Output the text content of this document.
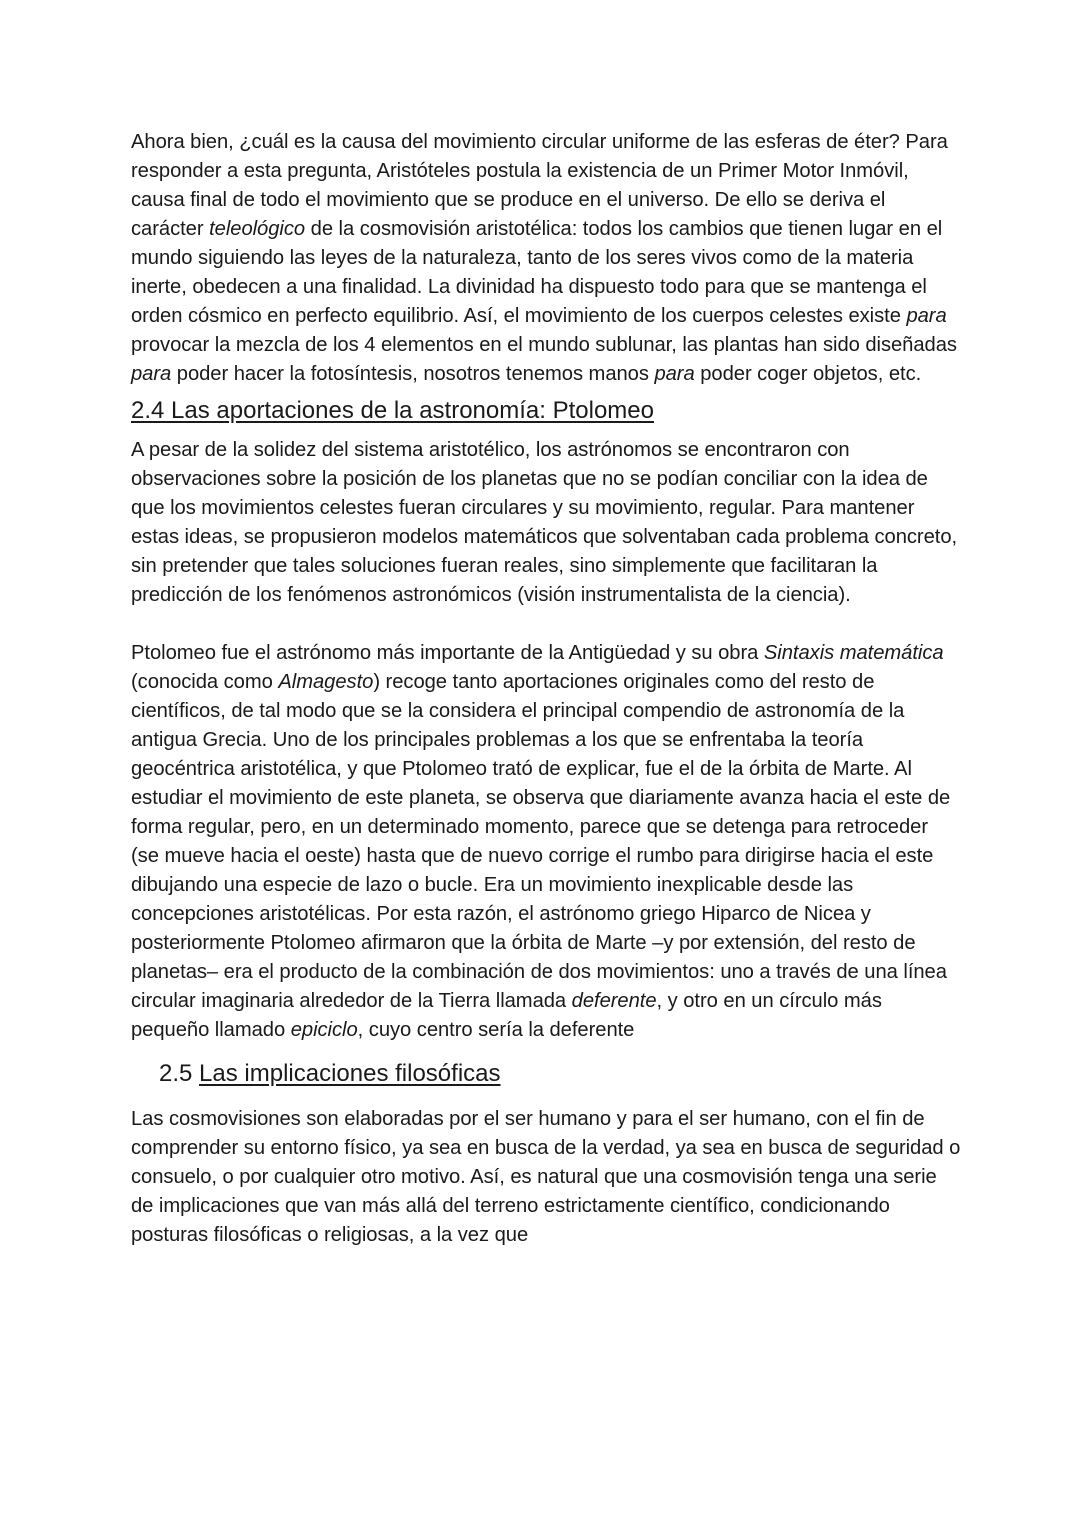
Ahora bien, ¿cuál es la causa del movimiento circular uniforme de las esferas de éter? Para responder a esta pregunta, Aristóteles postula la existencia de un Primer Motor Inmóvil, causa final de todo el movimiento que se produce en el universo. De ello se deriva el carácter teleológico de la cosmovisión aristotélica: todos los cambios que tienen lugar en el mundo siguiendo las leyes de la naturaleza, tanto de los seres vivos como de la materia inerte, obedecen a una finalidad. La divinidad ha dispuesto todo para que se mantenga el orden cósmico en perfecto equilibrio. Así, el movimiento de los cuerpos celestes existe para provocar la mezcla de los 4 elementos en el mundo sublunar, las plantas han sido diseñadas para poder hacer la fotosíntesis, nosotros tenemos manos para poder coger objetos, etc.

2.4 Las aportaciones de la astronomía: Ptolomeo

A pesar de la solidez del sistema aristotélico, los astrónomos se encontraron con observaciones sobre la posición de los planetas que no se podían conciliar con la idea de que los movimientos celestes fueran circulares y su movimiento, regular. Para mantener estas ideas, se propusieron modelos matemáticos que solventaban cada problema concreto, sin pretender que tales soluciones fueran reales, sino simplemente que facilitaran la predicción de los fenómenos astronómicos (visión instrumentalista de la ciencia).

Ptolomeo fue el astrónomo más importante de la Antigüedad y su obra Sintaxis matemática (conocida como Almagesto) recoge tanto aportaciones originales como del resto de científicos, de tal modo que se la considera el principal compendio de astronomía de la antigua Grecia. Uno de los principales problemas a los que se enfrentaba la teoría geocéntrica aristotélica, y que Ptolomeo trató de explicar, fue el de la órbita de Marte. Al estudiar el movimiento de este planeta, se observa que diariamente avanza hacia el este de forma regular, pero, en un determinado momento, parece que se detenga para retroceder (se mueve hacia el oeste) hasta que de nuevo corrige el rumbo para dirigirse hacia el este dibujando una especie de lazo o bucle. Era un movimiento inexplicable desde las concepciones aristotélicas. Por esta razón, el astrónomo griego Hiparco de Nicea y posteriormente Ptolomeo afirmaron que la órbita de Marte –y por extensión, del resto de planetas– era el producto de la combinación de dos movimientos: uno a través de una línea circular imaginaria alrededor de la Tierra llamada deferente, y otro en un círculo más pequeño llamado epiciclo, cuyo centro sería la deferente

2.5 Las implicaciones filosóficas

Las cosmovisiones son elaboradas por el ser humano y para el ser humano, con el fin de comprender su entorno físico, ya sea en busca de la verdad, ya sea en busca de seguridad o consuelo, o por cualquier otro motivo. Así, es natural que una cosmovisión tenga una serie de implicaciones que van más allá del terreno estrictamente científico, condicionando posturas filosóficas o religiosas, a la vez que
